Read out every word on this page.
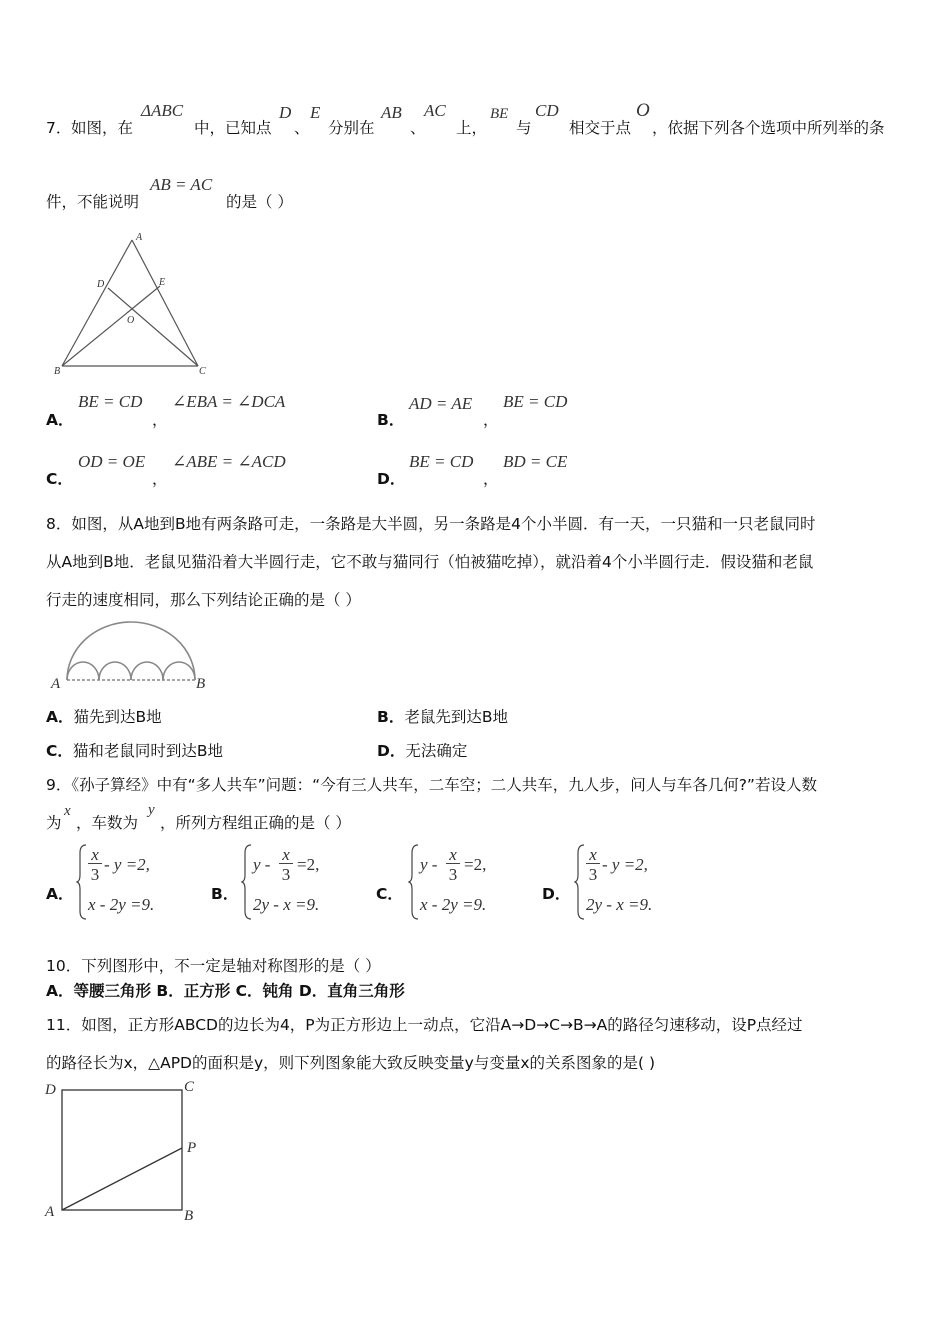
7． 如图，在
ΔABC
中，已知点
D
、
E
分别在
AB
、
AC
上，
BE
与
CD
相交于点
O
，依据下列各个选项中所列举的条
件，不能说明
AB = AC
的是（ ）
A
B	C
D	E
O
A．
BE = CD
，
∠EBA = ∠DCA
B．
AD = AE
，
BE = CD
C．
OD = OE
，
∠ABE = ∠ACD
D．
BE = CD
，
BD = CE
8．如图，从A地到B地有两条路可走，一条路是大半圆，另一条路是4个小半圆．有一天，一只猫和一只老鼠同时
从A地到B地．老鼠见猫沿着大半圆行走，它不敢与猫同行（怕被猫吃掉），就沿着4个小半圆行走．假设猫和老鼠
行走的速度相同，那么下列结论正确的是（ ）
A	B
A．猫先到达B地	B．老鼠先到达B地
C．猫和老鼠同时到达B地	D．无法确定
9．《孙子算经》中有“多人共车”问题：“今有三人共车，二车空；二人共车，九人步，问人与车各几何?”若设人数
为
x
，车数为
y
，所列方程组正确的是（ ）
A．
x
3
- y =2,
x - 2y =9.
B．
y -
x
3
=2,
2y - x =9.
C．
y -
x
3
=2,
x - 2y =9.
D．
x
3
- y =2,
2y - x =9.
10．下列图形中，不一定是轴对称图形的是（ ）
A．等腰三角形 B．正方形 C．钝角 D．直角三角形
11．如图，正方形ABCD的边长为4，P为正方形边上一动点，它沿A→D→C→B→A的路径匀速移动，设P点经过
的路径长为x，△APD的面积是y，则下列图象能大致反映变量y与变量x的关系图象的是( )
D	C
P
A	B
